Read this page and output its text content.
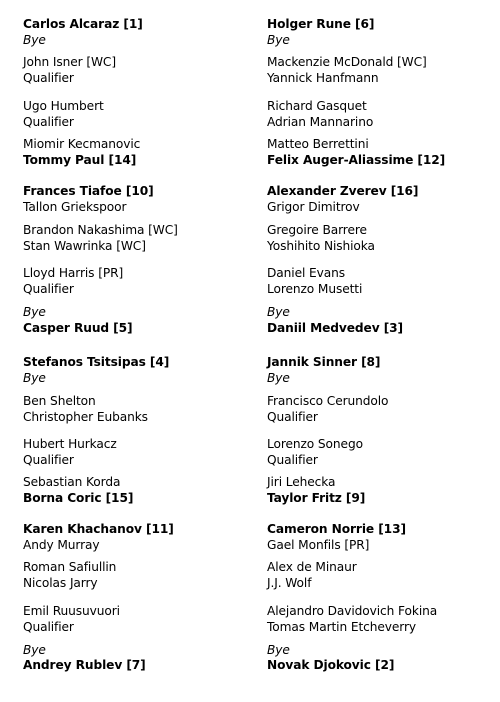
Carlos Alcaraz [1]
Bye
John Isner [WC]
Qualifier
Ugo Humbert
Qualifier
Miomir Kecmanovic
Tommy Paul [14]
Frances Tiafoe [10]
Tallon Griekspoor
Brandon Nakashima [WC]
Stan Wawrinka [WC]
Lloyd Harris [PR]
Qualifier
Bye
Casper Ruud [5]
Stefanos Tsitsipas [4]
Bye
Ben Shelton
Christopher Eubanks
Hubert Hurkacz
Qualifier
Sebastian Korda
Borna Coric [15]
Karen Khachanov [11]
Andy Murray
Roman Safiullin
Nicolas Jarry
Emil Ruusuvuori
Qualifier
Bye
Andrey Rublev [7]
Holger Rune [6]
Bye
Mackenzie McDonald [WC]
Yannick Hanfmann
Richard Gasquet
Adrian Mannarino
Matteo Berrettini
Felix Auger-Aliassime [12]
Alexander Zverev [16]
Grigor Dimitrov
Gregoire Barrere
Yoshihito Nishioka
Daniel Evans
Lorenzo Musetti
Bye
Daniil Medvedev [3]
Jannik Sinner [8]
Bye
Francisco Cerundolo
Qualifier
Lorenzo Sonego
Qualifier
Jiri Lehecka
Taylor Fritz [9]
Cameron Norrie [13]
Gael Monfils [PR]
Alex de Minaur
J.J. Wolf
Alejandro Davidovich Fokina
Tomas Martin Etcheverry
Bye
Novak Djokovic [2]
